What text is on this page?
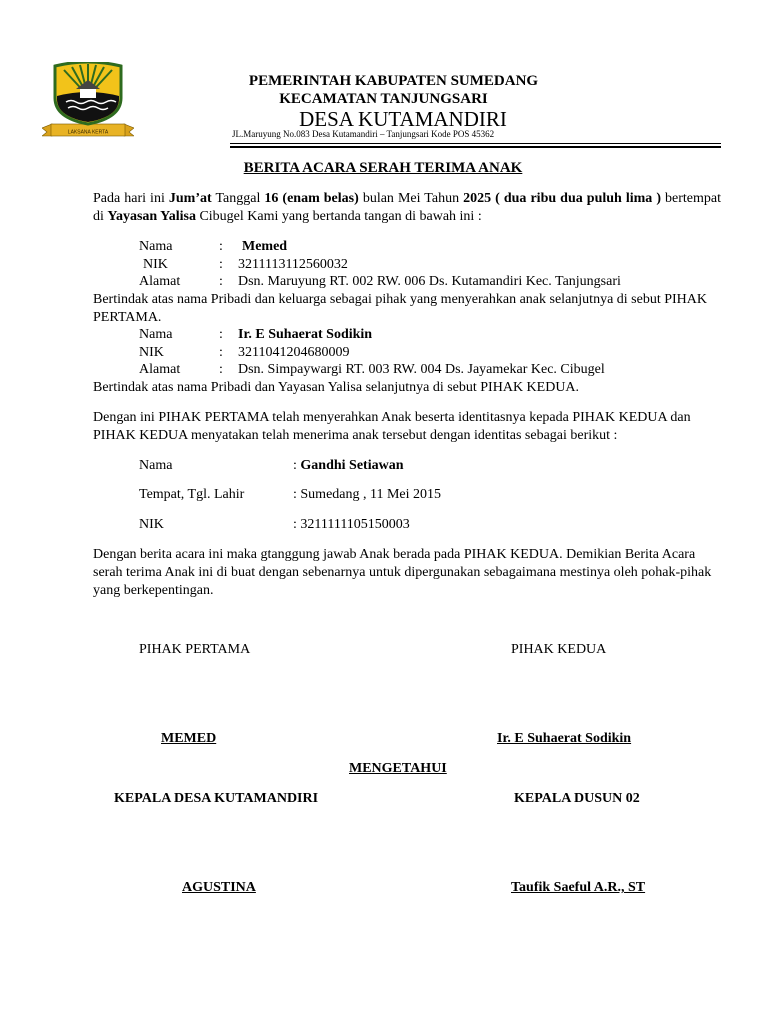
LAKSANA KERTA
PEMERINTAH KABUPATEN SUMEDANG
KECAMATAN TANJUNGSARI
DESA KUTAMANDIRI
JL.Maruyung No.083 Desa Kutamandiri – Tanjungsari Kode POS 45362
BERITA ACARA SERAH TERIMA ANAK
Pada hari ini Jum’at Tanggal 16 (enam belas) bulan Mei Tahun 2025 ( dua ribu dua puluh lima ) bertempat di Yayasan Yalisa Cibugel Kami yang bertanda tangan di bawah ini :
Nama	: Memed
NIK	: 3211113112560032
Alamat	: Dsn. Maruyung RT. 002 RW. 006 Ds. Kutamandiri Kec. Tanjungsari
Bertindak atas nama Pribadi dan keluarga sebagai pihak yang menyerahkan anak selanjutnya di sebut PIHAK PERTAMA.
Nama	: Ir. E Suhaerat Sodikin
NIK	: 3211041204680009
Alamat	: Dsn. Simpaywargi RT. 003 RW. 004 Ds. Jayamekar Kec. Cibugel
Bertindak atas nama Pribadi dan Yayasan Yalisa selanjutnya di sebut PIHAK KEDUA.
Dengan ini PIHAK PERTAMA telah menyerahkan Anak beserta identitasnya kepada PIHAK KEDUA dan PIHAK KEDUA menyatakan telah menerima anak tersebut dengan identitas sebagai berikut :
Nama	: Gandhi Setiawan
Tempat, Tgl. Lahir	: Sumedang , 11 Mei 2015
NIK	: 3211111105150003
Dengan berita acara ini maka gtanggung jawab Anak berada pada PIHAK KEDUA. Demikian Berita Acara serah terima Anak ini di buat dengan sebenarnya untuk dipergunakan sebagaimana mestinya oleh pohak-pihak yang berkepentingan.
PIHAK PERTAMA	PIHAK KEDUA
MEMED	Ir. E Suhaerat Sodikin
MENGETAHUI
KEPALA DESA KUTAMANDIRI	KEPALA DUSUN 02
AGUSTINA	Taufik Saeful A.R., ST
